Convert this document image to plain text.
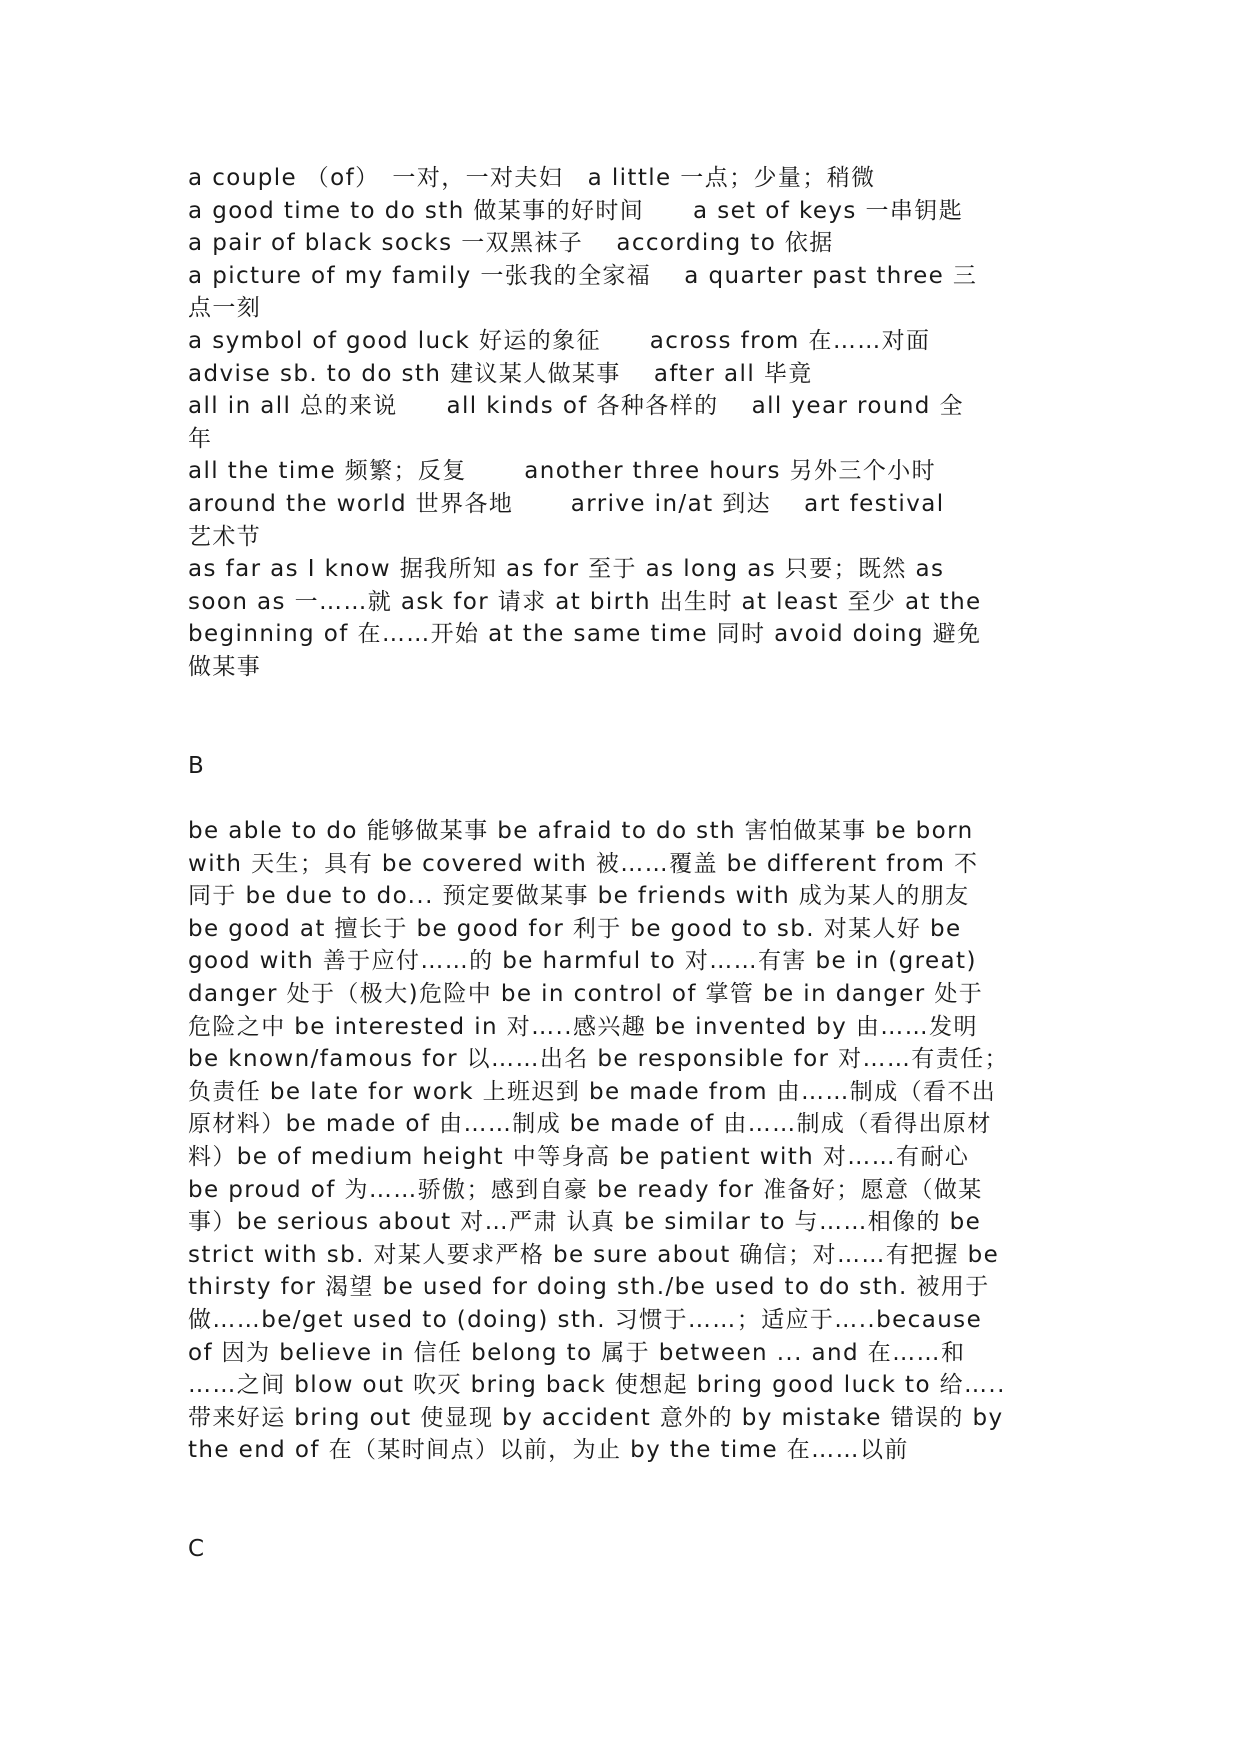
a couple （of）　一对，一对夫妇　a little 一点；少量；稍微
a good time to do sth 做某事的好时间　　a set of keys 一串钥匙
a pair of black socks 一双黑袜子　 according to 依据
a picture of my family 一张我的全家福　 a quarter past three 三
点一刻
a symbol of good luck 好运的象征　　across from 在……对面
advise sb. to do sth 建议某人做某事　 after all 毕竟
all in all 总的来说　　all kinds of 各种各样的　 all year round 全
年
all the time 频繁；反复　　 another three hours 另外三个小时
around the world 世界各地　　 arrive in/at 到达　 art festival
艺术节
as far as I know 据我所知 as for 至于 as long as 只要；既然 as
soon as 一……就 ask for 请求 at birth 出生时 at least 至少 at the
beginning of 在……开始 at the same time 同时 avoid doing 避免
做某事
B
be able to do 能够做某事 be afraid to do sth 害怕做某事 be born
with 天生；具有 be covered with 被……覆盖 be different from 不
同于 be due to do... 预定要做某事 be friends with 成为某人的朋友
be good at 擅长于 be good for 利于 be good to sb. 对某人好 be
good with 善于应付……的 be harmful to 对……有害 be in (great)
danger 处于（极大)危险中 be in control of 掌管 be in danger 处于
危险之中 be interested in 对…..感兴趣 be invented by 由……发明
be known/famous for 以……出名 be responsible for 对……有责任；
负责任 be late for work 上班迟到 be made from 由……制成（看不出
原材料）be made of 由……制成 be made of 由……制成（看得出原材
料）be of medium height 中等身高 be patient with 对……有耐心
be proud of 为……骄傲；感到自豪 be ready for 准备好；愿意（做某
事）be serious about 对…严肃 认真 be similar to 与……相像的 be
strict with sb. 对某人要求严格 be sure about 确信；对……有把握 be
thirsty for 渴望 be used for doing sth./be used to do sth. 被用于
做……be/get used to (doing) sth. 习惯于……；适应于…..because
of 因为 believe in 信任 belong to 属于 between ... and 在……和
……之间 blow out 吹灭 bring back 使想起 bring good luck to 给…..
带来好运 bring out 使显现 by accident 意外的 by mistake 错误的 by
the end of 在（某时间点）以前，为止 by the time 在……以前
C
